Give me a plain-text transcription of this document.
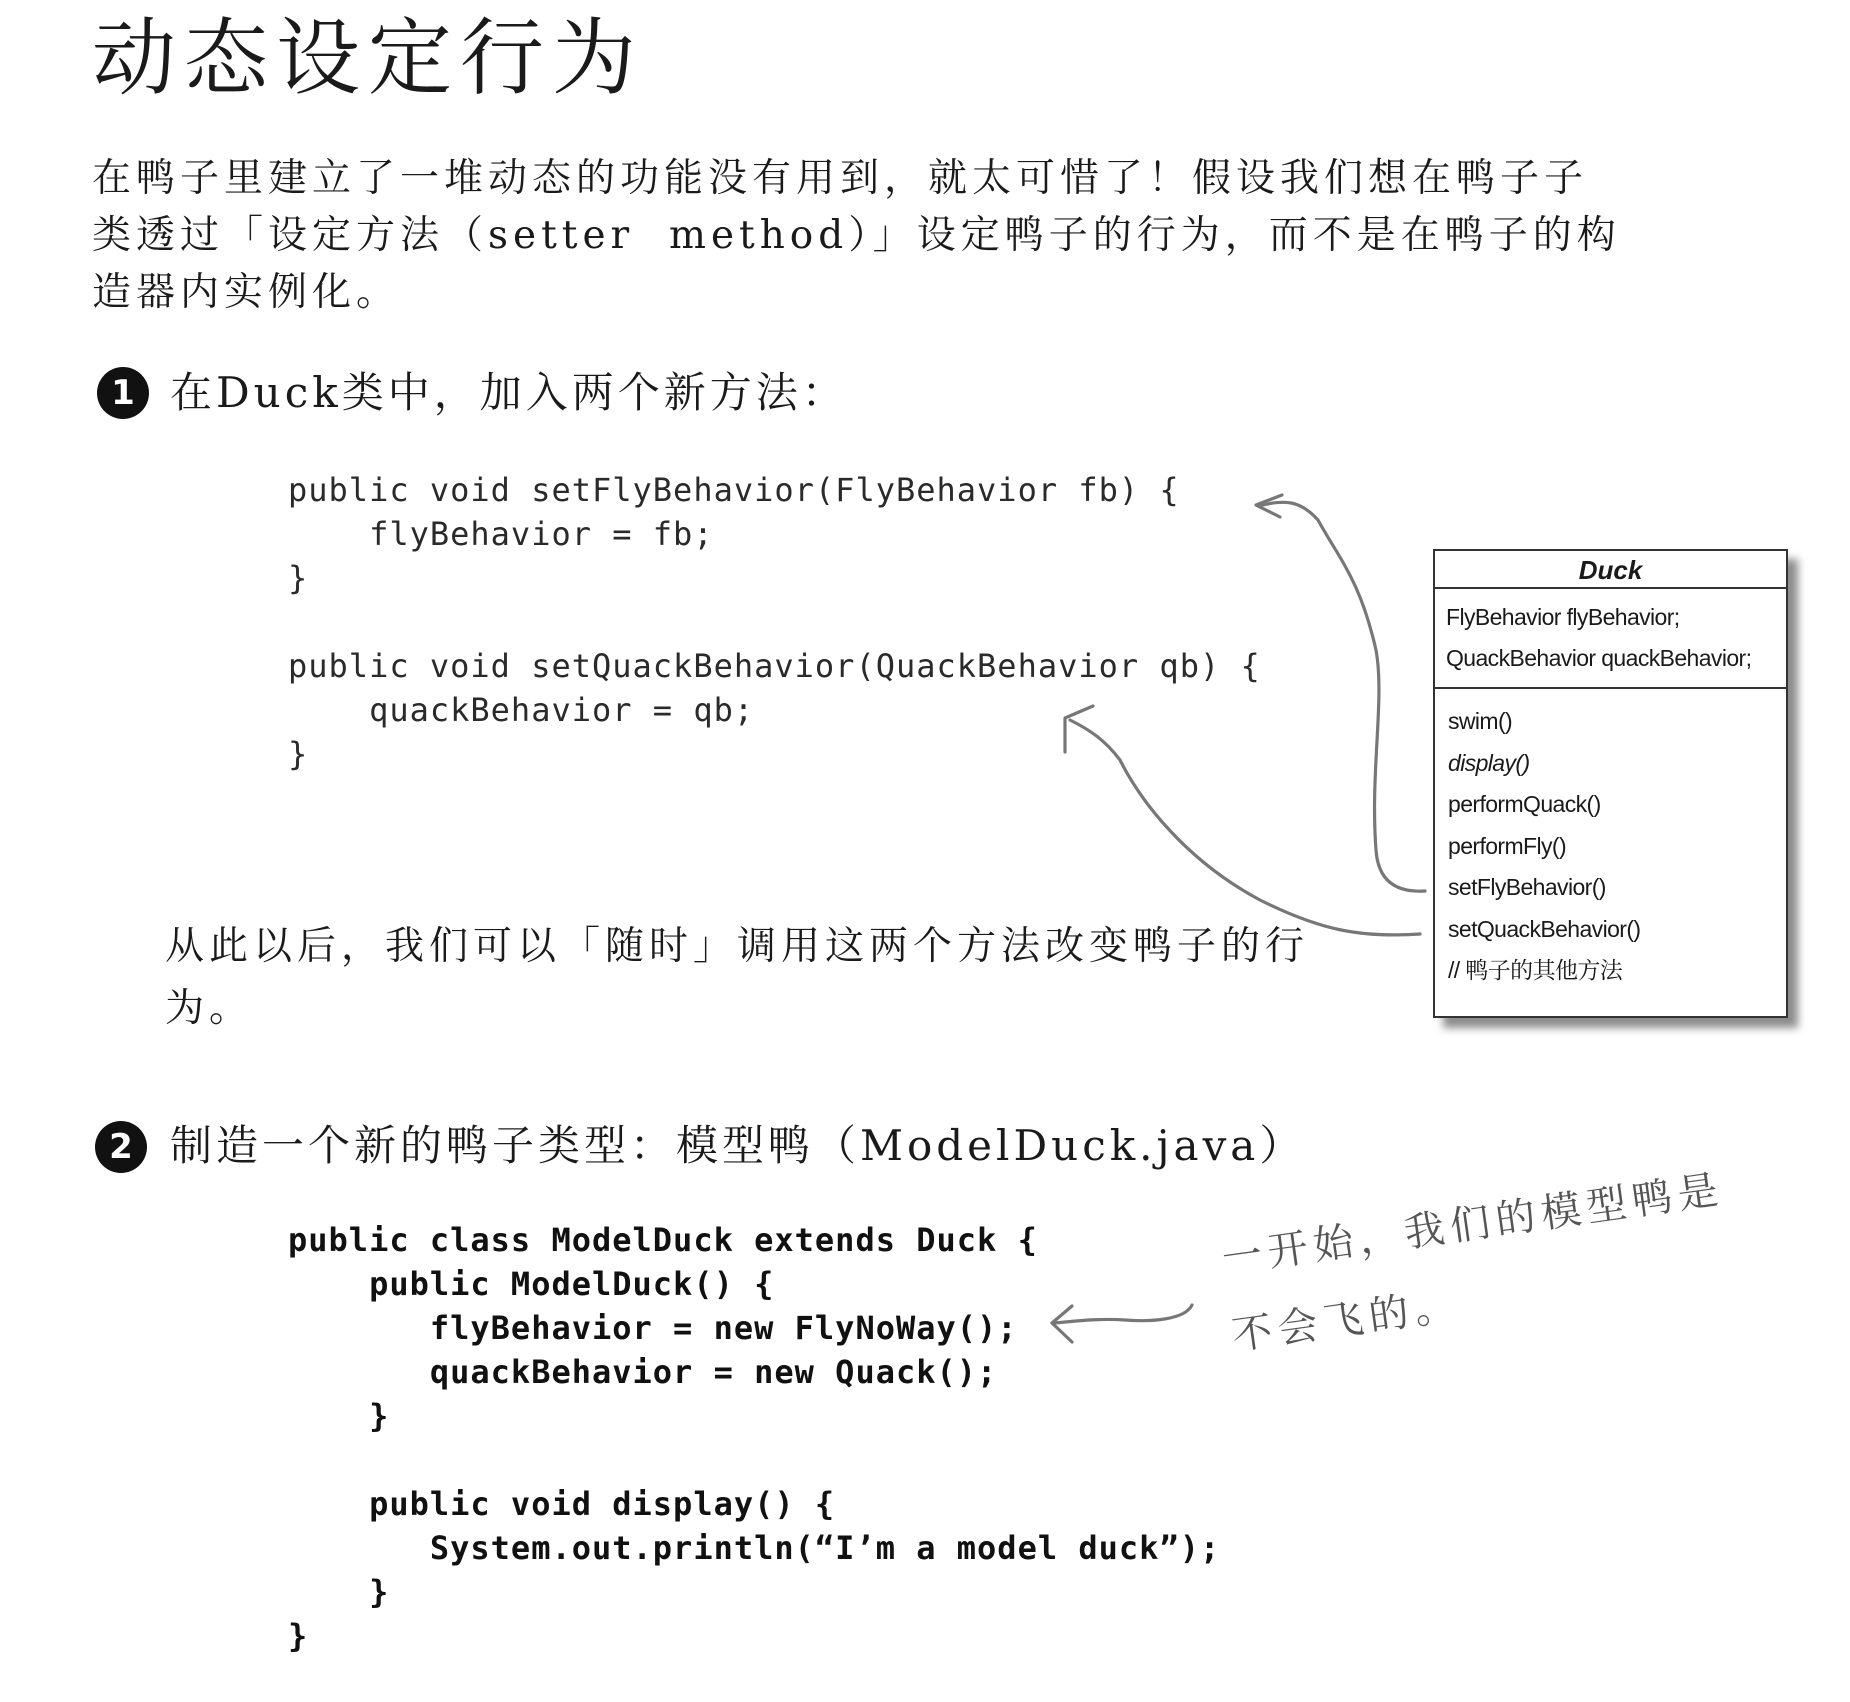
动态设定行为
在鸭子里建立了一堆动态的功能没有用到，就太可惜了！假设我们想在鸭子子
类透过「设定方法（setter  method）」设定鸭子的行为，而不是在鸭子的构
造器内实例化。
1 在Duck类中，加入两个新方法：
public void setFlyBehavior(FlyBehavior fb) {
flyBehavior = fb;
}

public void setQuackBehavior(QuackBehavior qb) {
quackBehavior = qb;
}
从此以后，我们可以「随时」调用这两个方法改变鸭子的行
为。
Duck
FlyBehavior flyBehavior;
QuackBehavior quackBehavior;
swim()
display()
performQuack()
performFly()
setFlyBehavior()
setQuackBehavior()
// 鸭子的其他方法
2 制造一个新的鸭子类型：模型鸭（ModelDuck.java）
public class ModelDuck extends Duck {
public ModelDuck() {
flyBehavior = new FlyNoWay();
quackBehavior = new Quack();
}

public void display() {
System.out.println(“I’m a model duck”);
}
}
一开始，我们的模型鸭是
不会飞的。
